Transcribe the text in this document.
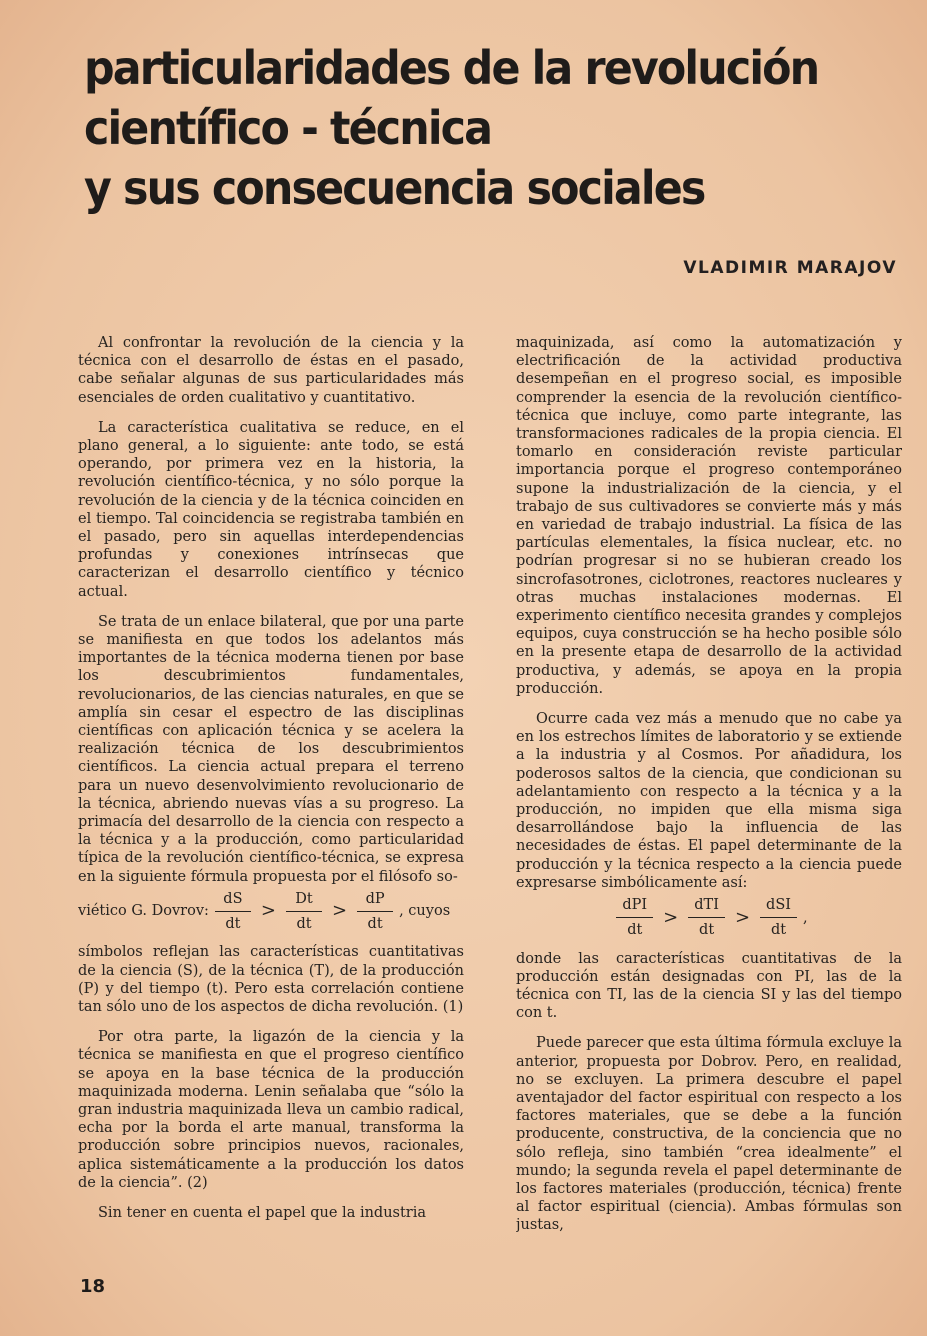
particularidades de la revolución
científico - técnica
y sus consecuencia sociales

VLADIMIR MARAJOV

Al confrontar la revolución de la ciencia y la técnica con el desarrollo de éstas en el pasado, cabe señalar algunas de sus particularidades más esenciales de orden cualitativo y cuantitativo.

La característica cualitativa se reduce, en el plano general, a lo siguiente: ante todo, se está operando, por primera vez en la historia, la revolución científico-técnica, y no sólo porque la revolución de la ciencia y de la técnica coinciden en el tiempo. Tal coincidencia se registraba también en el pasado, pero sin aquellas interdependencias profundas y conexiones intrínsecas que caracterizan el desarrollo científico y técnico actual.

Se trata de un enlace bilateral, que por una parte se manifiesta en que todos los adelantos más importantes de la técnica moderna tienen por base los descubrimientos fundamentales, revolucionarios, de las ciencias naturales, en que se amplía sin cesar el espectro de las disciplinas científicas con aplicación técnica y se acelera la realización técnica de los descubrimientos científicos. La ciencia actual prepara el terreno para un nuevo desenvolvimiento revolucionario de la técnica, abriendo nuevas vías a su progreso. La primacía del desarrollo de la ciencia con respecto a la técnica y a la producción, como particularidad típica de la revolución científico-técnica, se expresa en la siguiente fórmula propuesta por el filósofo so-

viético G. Dovrov: $\frac{dS}{dt} > \frac{Dt}{dt} > \frac{dP}{dt}$ , cuyos

símbolos reflejan las características cuantitativas de la ciencia (S), de la técnica (T), de la producción (P) y del tiempo (t). Pero esta correlación contiene tan sólo uno de los aspectos de dicha revolución. (1)

Por otra parte, la ligazón de la ciencia y la técnica se manifiesta en que el progreso científico se apoya en la base técnica de la producción maquinizada moderna. Lenin señalaba que “sólo la gran industria maquinizada lleva un cambio radical, echa por la borda el arte manual, transforma la producción sobre principios nuevos, racionales, aplica sistemáticamente a la producción los datos de la ciencia”. (2)

Sin tener en cuenta el papel que la industria

maquinizada, así como la automatización y electrificación de la actividad productiva desempeñan en el progreso social, es imposible comprender la esencia de la revolución científico-técnica que incluye, como parte integrante, las transformaciones radicales de la propia ciencia. El tomarlo en consideración reviste particular importancia porque el progreso contemporáneo supone la industrialización de la ciencia, y el trabajo de sus cultivadores se convierte más y más en variedad de trabajo industrial. La física de las partículas elementales, la física nuclear, etc. no podrían progresar si no se hubieran creado los sincrofasotrones, ciclotrones, reactores nucleares y otras muchas instalaciones modernas. El experimento científico necesita grandes y complejos equipos, cuya construcción se ha hecho posible sólo en la presente etapa de desarrollo de la actividad productiva, y además, se apoya en la propia producción.

Ocurre cada vez más a menudo que no cabe ya en los estrechos límites de laboratorio y se extiende a la industria y al Cosmos. Por añadidura, los poderosos saltos de la ciencia, que condicionan su adelantamiento con respecto a la técnica y a la producción, no impiden que ella misma siga desarrollándose bajo la influencia de las necesidades de éstas. El papel determinante de la producción y la técnica respecto a la ciencia puede expresarse simbólicamente así:

$\frac{\text{dPI}}{dt} > \frac{\text{dTI}}{dt} > \frac{\text{dSI}}{dt}$ ,

donde las características cuantitativas de la producción están designadas con PI, las de la técnica con TI, las de la ciencia SI y las del tiempo con t.

Puede parecer que esta última fórmula excluye la anterior, propuesta por Dobrov. Pero, en realidad, no se excluyen. La primera descubre el papel aventajador del factor espiritual con respecto a los factores materiales, que se debe a la función producente, constructiva, de la conciencia que no sólo refleja, sino también “crea idealmente” el mundo; la segunda revela el papel determinante de los factores materiales (producción, técnica) frente al factor espiritual (ciencia). Ambas fórmulas son justas,

18
